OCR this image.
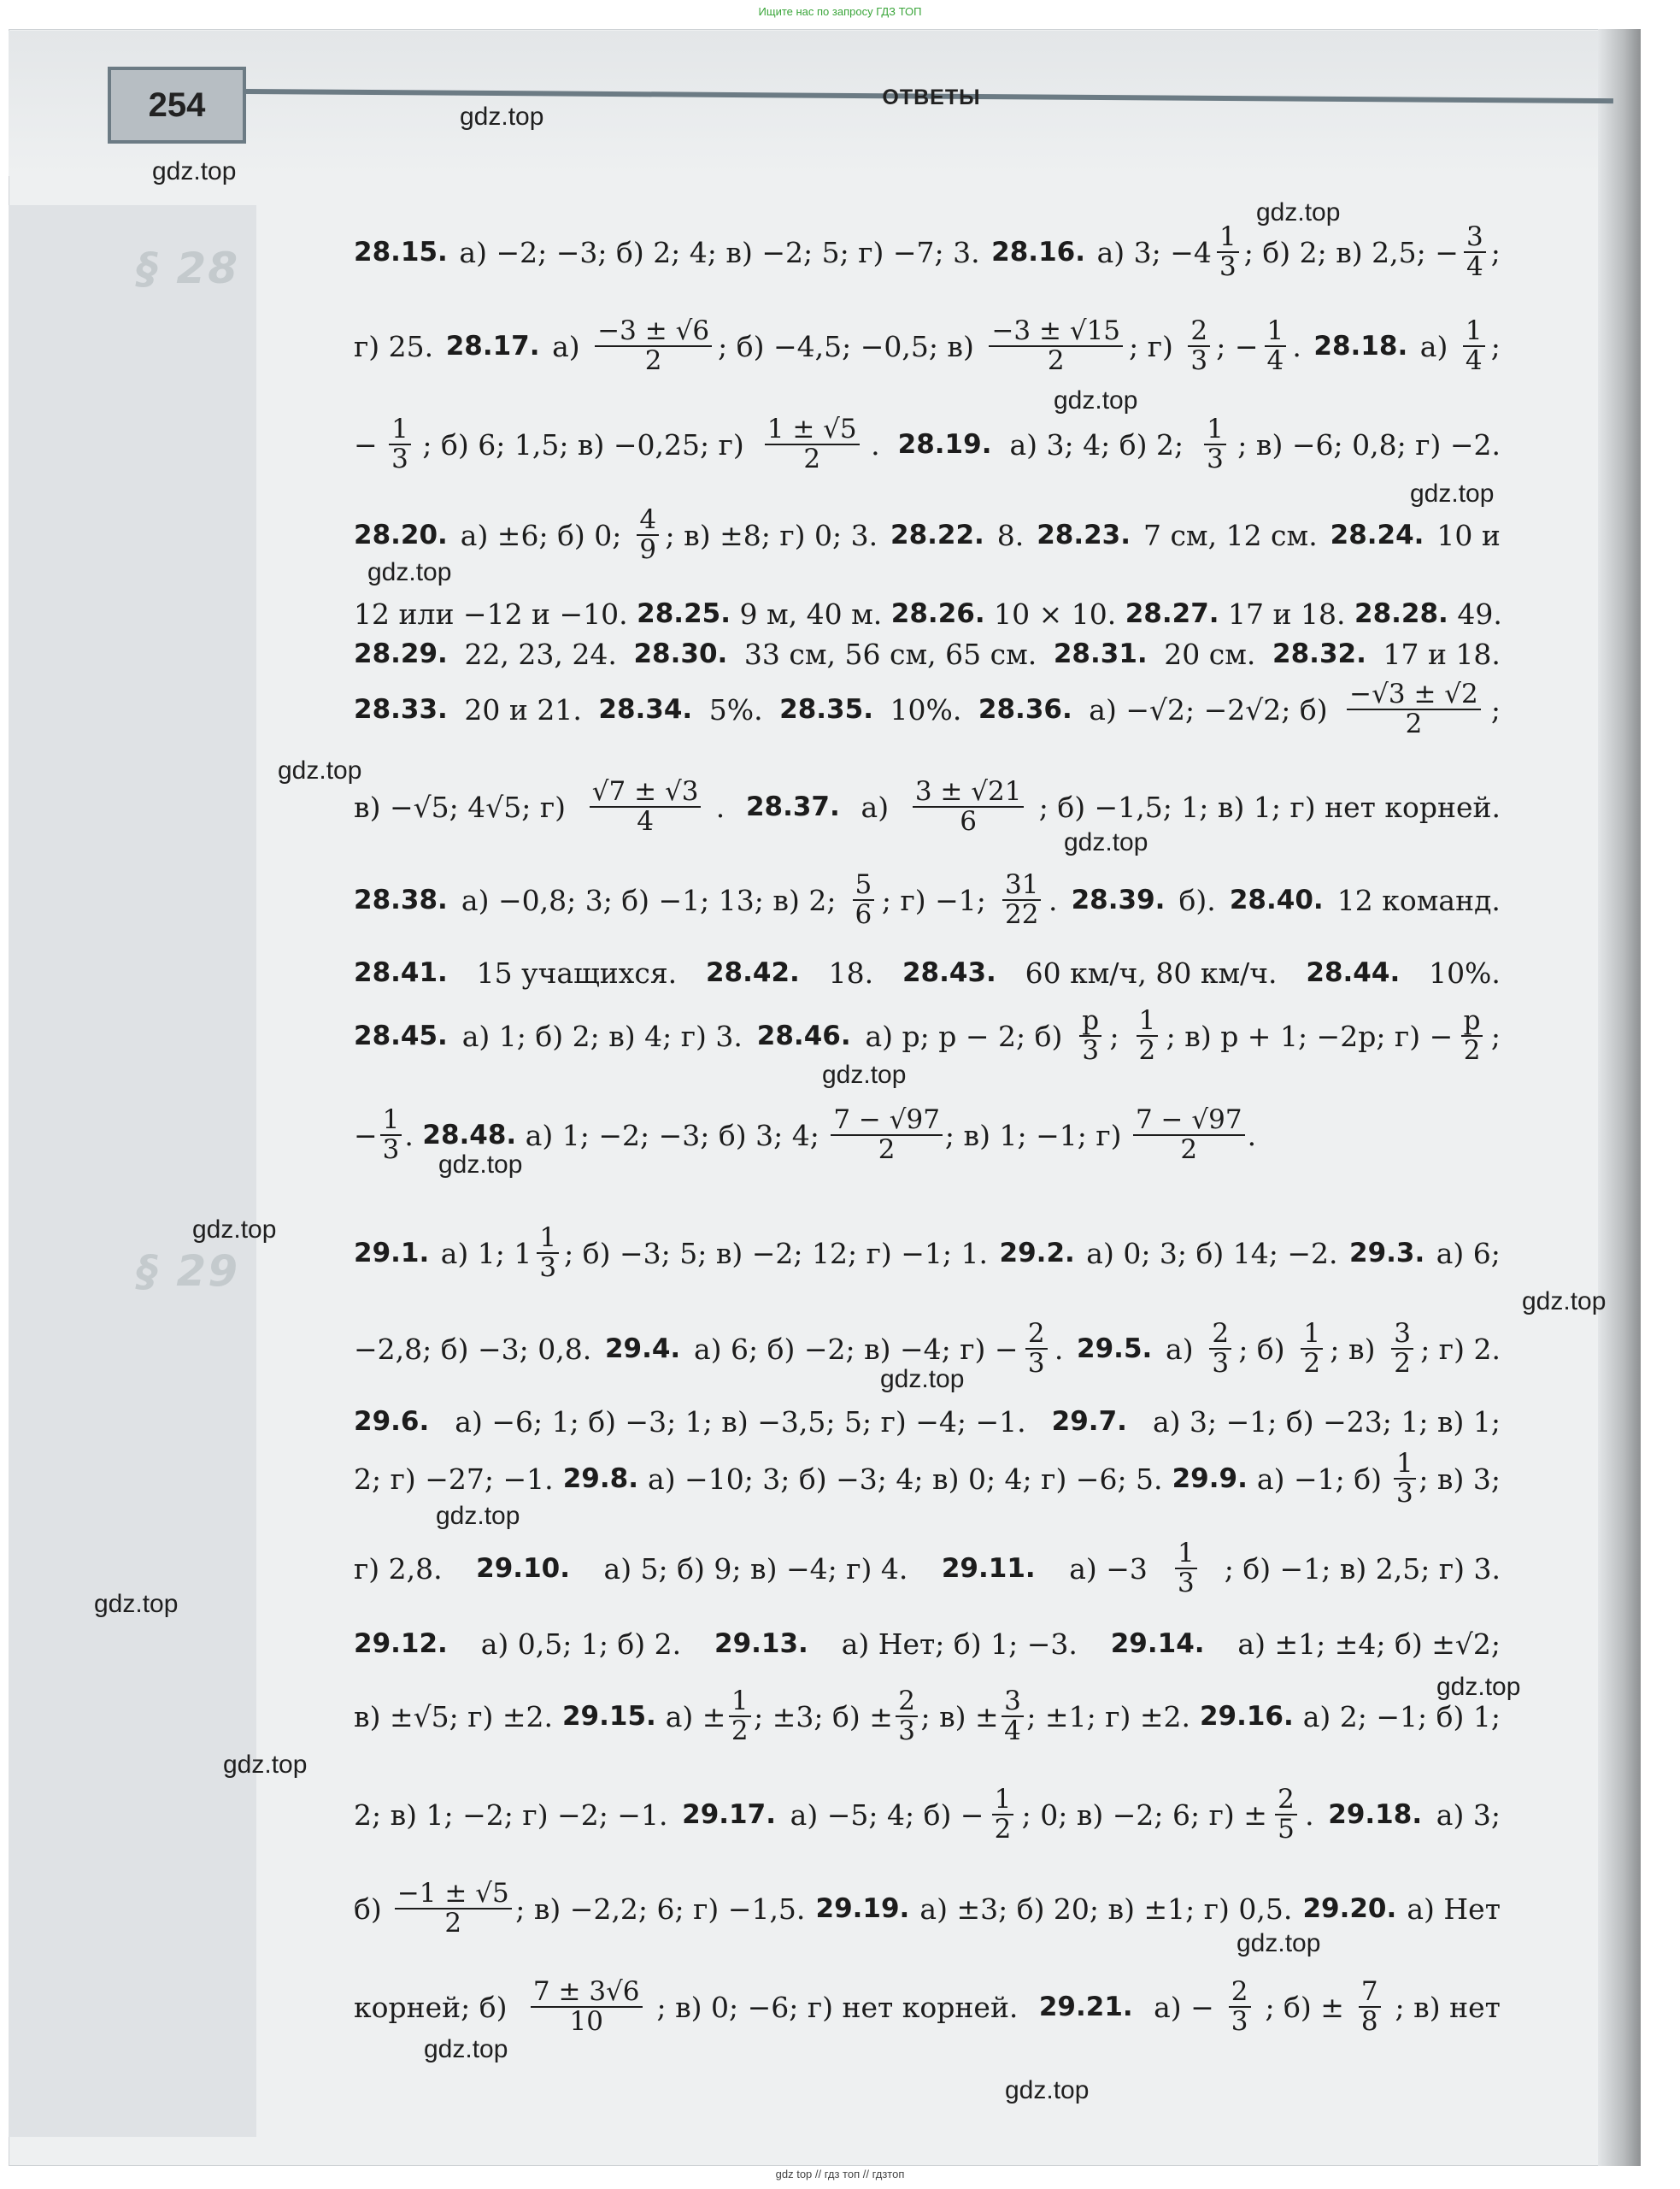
Ищите нас по запросу ГДЗ ТОП
254	ОТВЕТЫ
§ 28
§ 29
28.15. а) −2; −3; б) 2; 4; в) −2; 5; г) −7; 3. 28.16. а) 3; $-4 \frac{1}{3}$ ; б) 2; в) 2,5; − $\frac{3}{4}$ ;
г) 25. 28.17. $а) \frac{-3 \pm √6}{2}$ ; б) −4,5; −0,5; $в) \frac{-3 \pm √15}{2}$ ; $г) \frac{2}{3}$ ; − $\frac{1}{4}$ . 28.18. $а) \frac{1}{4}$ ;
− $\frac{1}{3}$ ; б) 6; 1,5; в) −0,25; $г) \frac{1 \pm √5}{2}$ . 28.19. а) 3; 4; б) 2; $\frac{1}{3}$ ; в) −6; 0,8; г) −2.
28.20. а) ±6; б) 0; $\frac{4}{9}$ ; в) ±8; г) 0; 3. 28.22. 8. 28.23. 7 см, 12 см. 28.24. 10 и
12 или −12 и −10. 28.25. 9 м, 40 м. 28.26. 10 × 10. 28.27. 17 и 18. 28.28. 49.
28.29. 22, 23, 24. 28.30. 33 см, 56 см, 65 см. 28.31. 20 см. 28.32. 17 и 18.
28.33. 20 и 21. 28.34. 5%. 28.35. 10%. 28.36. а) −√2; −2√2; $б) \frac{-√3 \pm √2}{2}$ ;
в) −√5; 4√5; $г) \frac{√7 \pm √3}{4}$ . 28.37. $а) \frac{3 \pm √21}{6}$ ; б) −1,5; 1; в) 1; г) нет корней.
28.38. а) −0,8; 3; б) −1; 13; в) 2; $\frac{5}{6}$ ; г) −1; $\frac{31}{22}$ . 28.39. б). 28.40. 12 команд.
28.41. 15 учащихся. 28.42. 18. 28.43. 60 км/ч, 80 км/ч. 28.44. 10%.
28.45. а) 1; б) 2; в) 4; г) 3. 28.46. а) p; p − 2; $б) \frac{p}{3}$ ; $\frac{1}{2}$ ; в) p + 1; −2p; $г) - \frac{p}{2}$ ;
− $\frac{1}{3}$ . 28.48. а) 1; −2; −3; б) 3; 4; $\frac{7 - √97}{2}$ ; в) 1; −1; $г) \frac{7 - √97}{2}$ .
29.1. а) 1; $1 \frac{1}{3}$ ; б) −3; 5; в) −2; 12; г) −1; 1. 29.2. а) 0; 3; б) 14; −2. 29.3. а) 6;
−2,8; б) −3; 0,8. 29.4. а) 6; б) −2; в) −4; $г) - \frac{2}{3}$ . 29.5. $а) \frac{2}{3}$ ; $б) \frac{1}{2}$ ; $в) \frac{3}{2}$ ; г) 2.
29.6. а) −6; 1; б) −3; 1; в) −3,5; 5; г) −4; −1. 29.7. а) 3; −1; б) −23; 1; в) 1;
2; г) −27; −1. 29.8. а) −10; 3; б) −3; 4; в) 0; 4; г) −6; 5. 29.9. а) −1; $б) \frac{1}{3}$ ; в) 3;
г) 2,8. 29.10. а) 5; б) 9; в) −4; г) 4. 29.11. $а) -3 \frac{1}{3}$ ; б) −1; в) 2,5; г) 3.
29.12. а) 0,5; 1; б) 2. 29.13. а) Нет; б) 1; −3. 29.14. а) ±1; ±4; б) ±√2;
в) ±√5; г) ±2. 29.15. $а) \pm \frac{1}{2}$ ; ±3; $б) \pm \frac{2}{3}$ ; $в) \pm \frac{3}{4}$ ; ±1; г) ±2. 29.16. а) 2; −1; б) 1;
2; в) 1; −2; г) −2; −1. 29.17. а) −5; 4; $б) - \frac{1}{2}$ ; 0; в) −2; 6; $г) \pm \frac{2}{5}$ . 29.18. а) 3;
$б) \frac{-1 \pm √5}{2}$ ; в) −2,2; 6; г) −1,5. 29.19. а) ±3; б) 20; в) ±1; г) 0,5. 29.20. а) Нет
корней; $б) \frac{7 \pm 3√6}{10}$ ; в) 0; −6; г) нет корней. 29.21. $а) - \frac{2}{3}$ ; $б) \pm \frac{7}{8}$ ; в) нет
gdz.top
gdz.top
gdz.top
gdz.top
gdz.top
gdz.top
gdz.top
gdz.top
gdz.top
gdz.top
gdz.top
gdz.top
gdz.top
gdz.top
gdz.top
gdz.top
gdz.top
gdz.top
gdz.top
gdz.top
gdz top // гдз топ // гдзтоп
